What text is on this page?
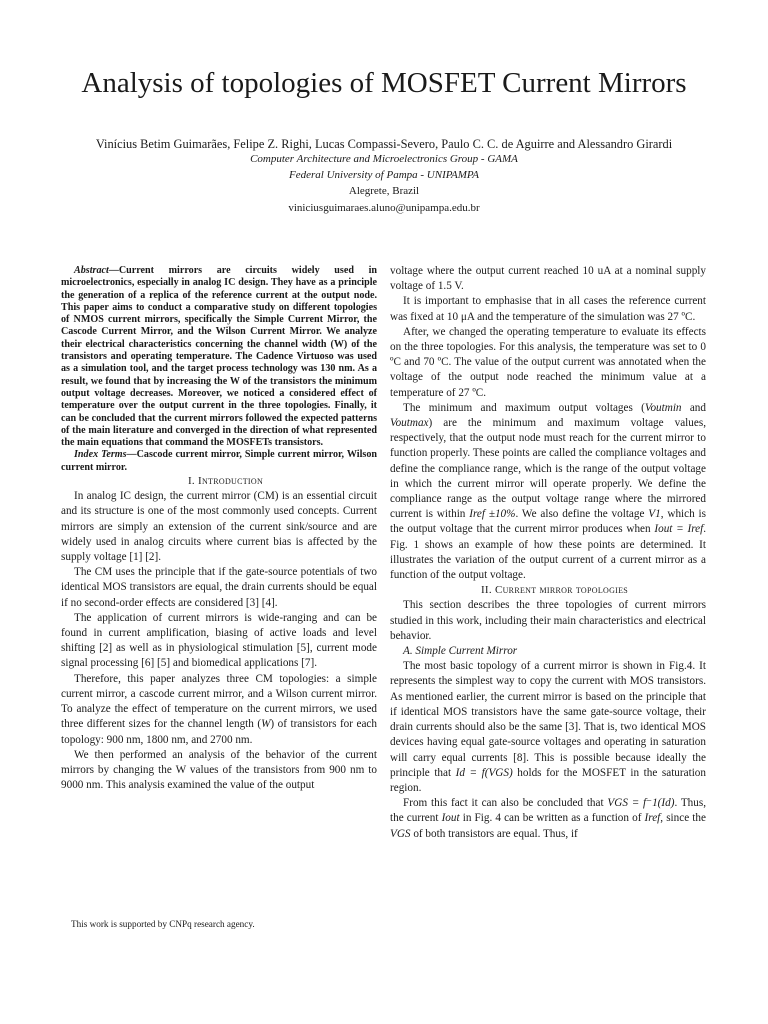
Analysis of topologies of MOSFET Current Mirrors
Vinícius Betim Guimarães, Felipe Z. Righi, Lucas Compassi-Severo, Paulo C. C. de Aguirre and Alessandro Girardi
Computer Architecture and Microelectronics Group - GAMA
Federal University of Pampa - UNIPAMPA
Alegrete, Brazil
viniciusguimaraes.aluno@unipampa.edu.br

Abstract—Current mirrors are circuits widely used in microelectronics, especially in analog IC design. They have as a principle the generation of a replica of the reference current at the output node. This paper aims to conduct a comparative study on different topologies of NMOS current mirrors, specifically the Simple Current Mirror, the Cascode Current Mirror, and the Wilson Current Mirror. We analyze their electrical characteristics concerning the channel width (W) of the transistors and operating temperature. The Cadence Virtuoso was used as a simulation tool, and the target process technology was 130 nm. As a result, we found that by increasing the W of the transistors the minimum output voltage decreases. Moreover, we noticed a considered effect of temperature over the output current in the three topologies. Finally, it can be concluded that the current mirrors followed the expected patterns of the main literature and converged in the direction of what represented the main equations that command the MOSFETs transistors.

Index Terms—Cascode current mirror, Simple current mirror, Wilson current mirror.

I. Introduction

In analog IC design, the current mirror (CM) is an essential circuit and its structure is one of the most commonly used concepts. Current mirrors are simply an extension of the current sink/source and are widely used in analog circuits where current bias is affected by the supply voltage [1] [2].

The CM uses the principle that if the gate-source potentials of two identical MOS transistors are equal, the drain currents should be equal if no second-order effects are considered [3] [4].

The application of current mirrors is wide-ranging and can be found in current amplification, biasing of active loads and level shifting [2] as well as in physiological stimulation [5], current mode signal processing [6] [5] and biomedical applications [7].

Therefore, this paper analyzes three CM topologies: a simple current mirror, a cascode current mirror, and a Wilson current mirror. To analyze the effect of temperature on the current mirrors, we used three different sizes for the channel length (W) of transistors for each topology: 900 nm, 1800 nm, and 2700 nm.

We then performed an analysis of the behavior of the current mirrors by changing the W values of the transistors from 900 nm to 9000 nm. This analysis examined the value of the output

voltage where the output current reached 10 uA at a nominal supply voltage of 1.5 V.

It is important to emphasise that in all cases the reference current was fixed at 10 μA and the temperature of the simulation was 27 ºC.

After, we changed the operating temperature to evaluate its effects on the three topologies. For this analysis, the temperature was set to 0 ºC and 70 ºC. The value of the output current was annotated when the voltage of the output node reached the minimum value at a temperature of 27 ºC.

The minimum and maximum output voltages (Voutmin and Voutmax) are the minimum and maximum voltage values, respectively, that the output node must reach for the current mirror to function properly. These points are called the compliance voltages and define the compliance range, which is the range of the output voltage in which the current mirror will operate properly. We define the compliance range as the output voltage range where the mirrored current is within Iref ±10%. We also define the voltage V1, which is the output voltage that the current mirror produces when Iout = Iref. Fig. 1 shows an example of how these points are determined. It illustrates the variation of the output current of a current mirror as a function of the output voltage.

II. Current mirror topologies

This section describes the three topologies of current mirrors studied in this work, including their main characteristics and electrical behavior.

A. Simple Current Mirror

The most basic topology of a current mirror is shown in Fig.4. It represents the simplest way to copy the current with MOS transistors. As mentioned earlier, the current mirror is based on the principle that if identical MOS transistors have the same gate-source voltage, their drain currents should also be the same [3]. That is, two identical MOS devices having equal gate-source voltages and operating in saturation will carry equal currents [8]. This is possible because ideally the principle that Id = f(VGS) holds for the MOSFET in the saturation region.

From this fact it can also be concluded that VGS = f⁻1(Id). Thus, the current Iout in Fig. 4 can be written as a function of Iref, since the VGS of both transistors are equal. Thus, if

This work is supported by CNPq research agency.
